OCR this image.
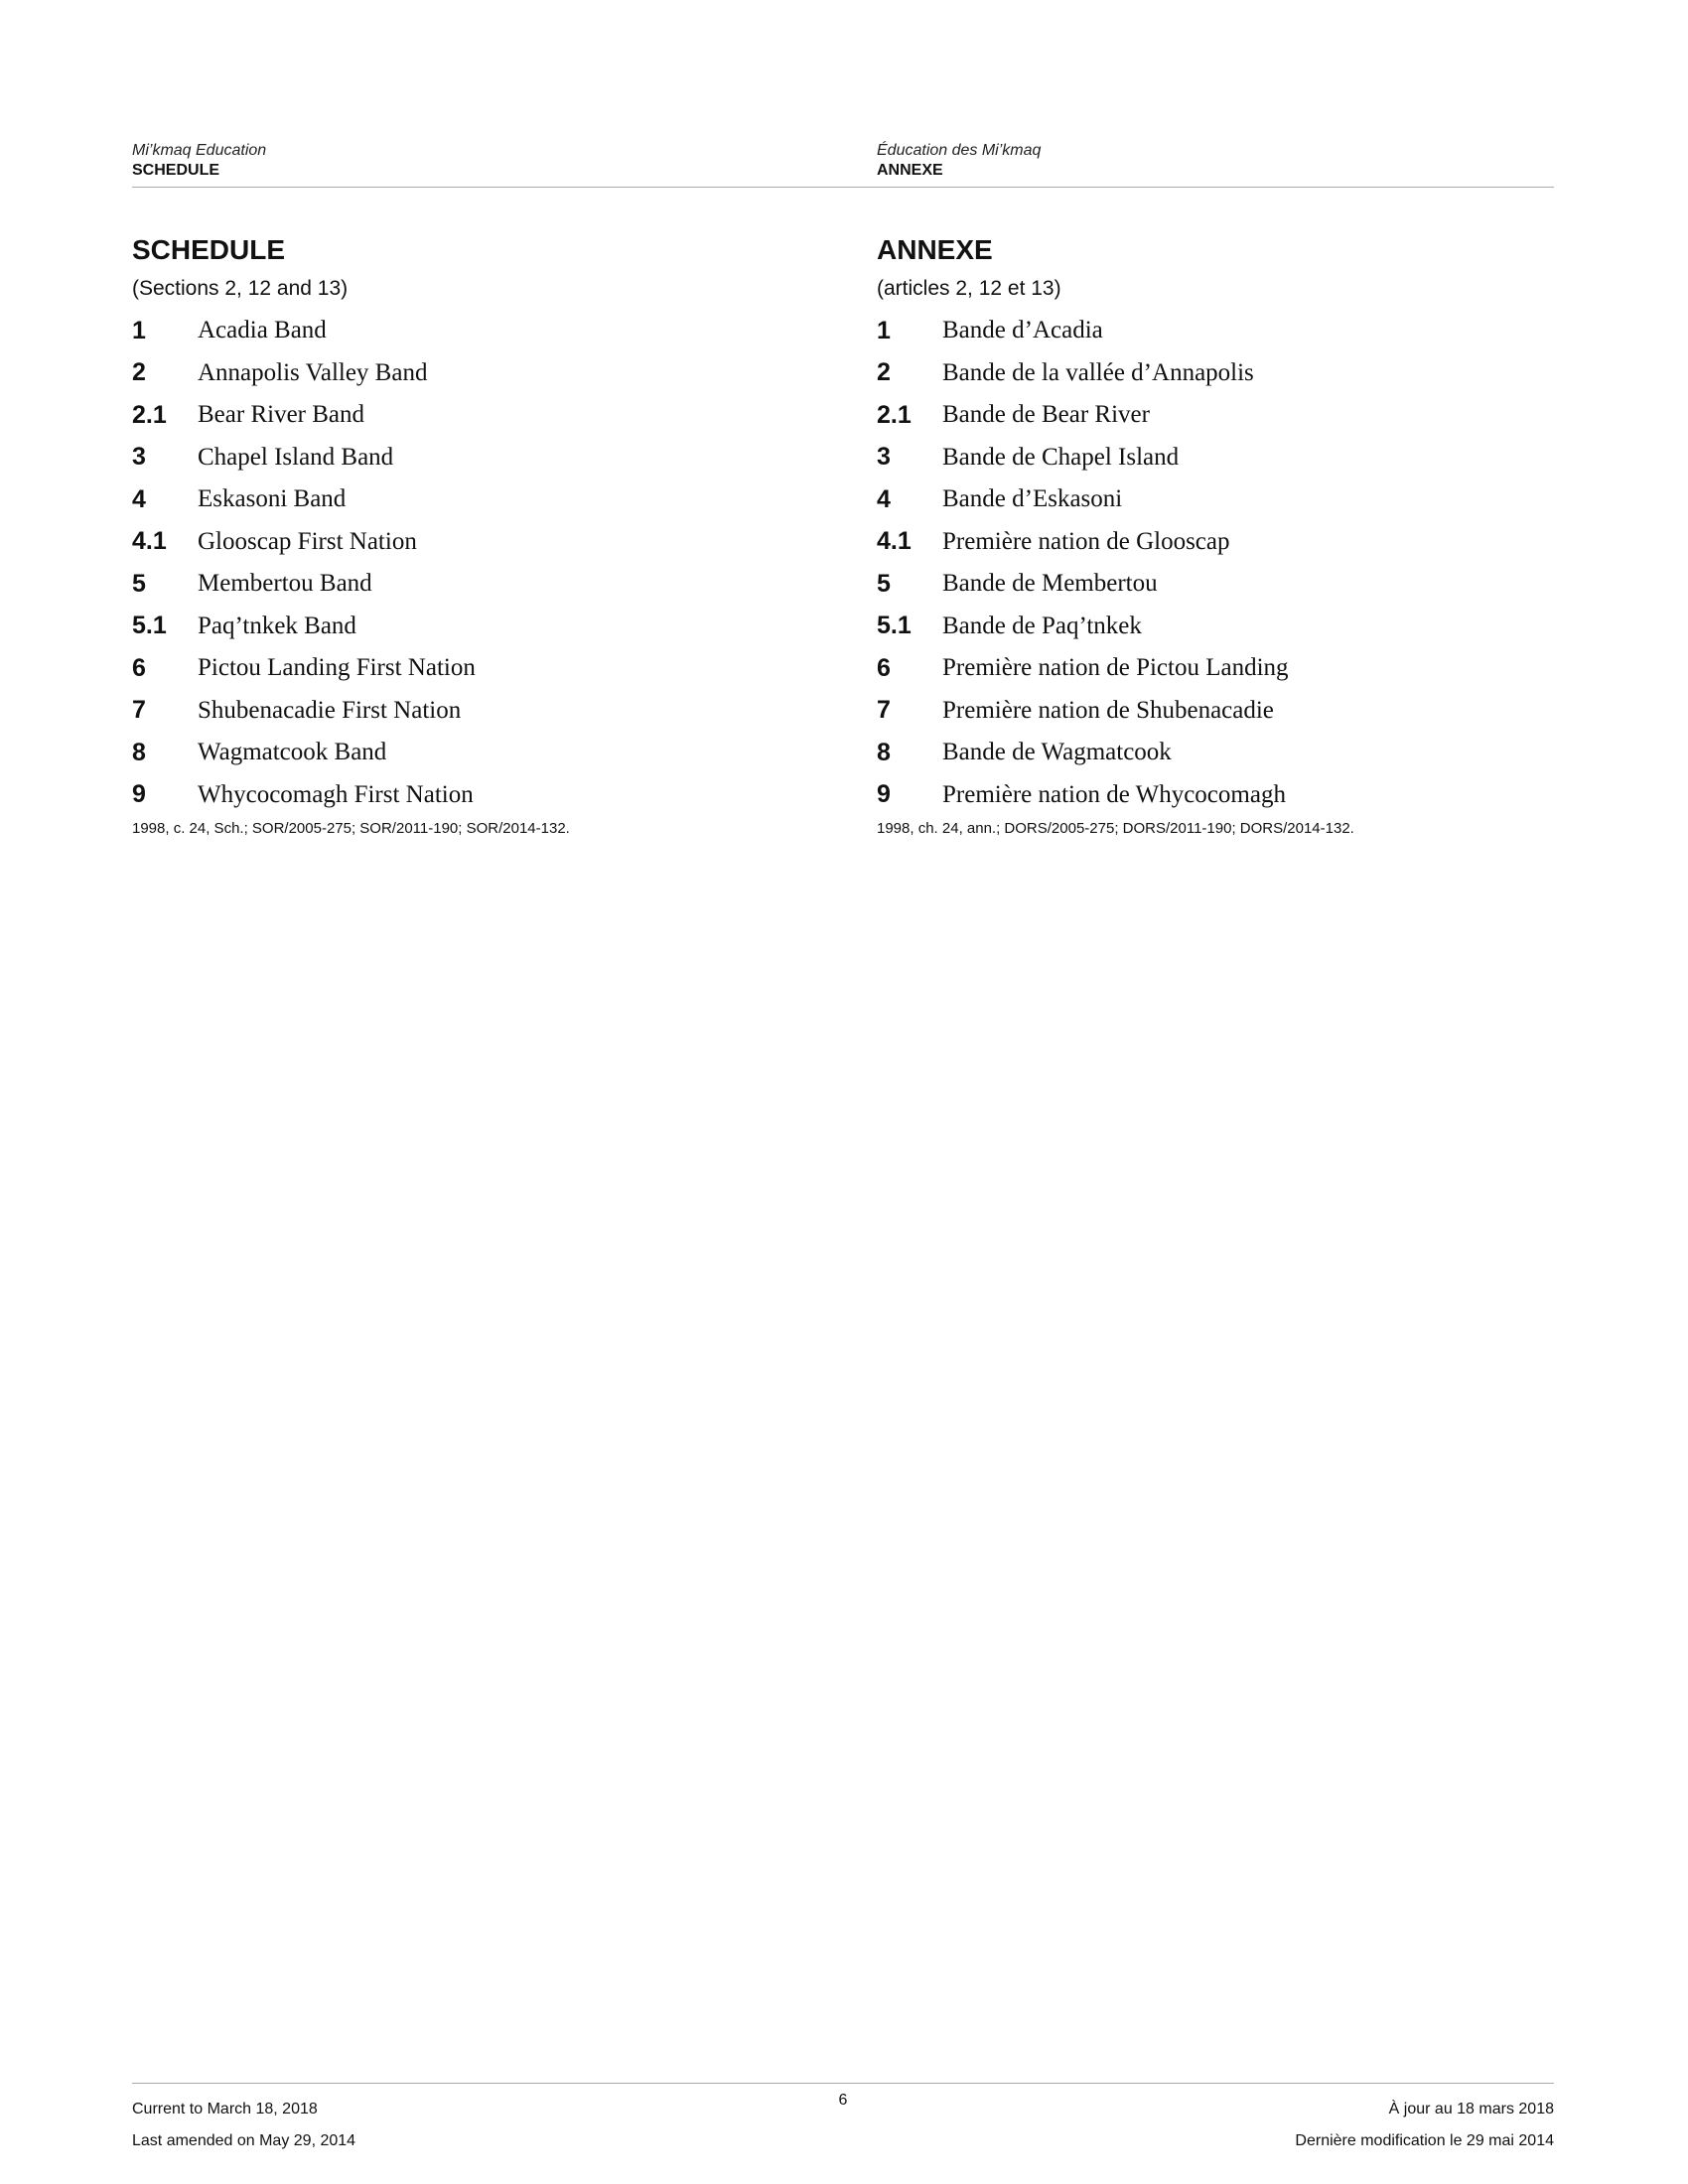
Mi’kmaq Education
SCHEDULE
Éducation des Mi’kmaq
ANNEXE
SCHEDULE
(Sections 2, 12 and 13)
1	Acadia Band
2	Annapolis Valley Band
2.1	Bear River Band
3	Chapel Island Band
4	Eskasoni Band
4.1	Glooscap First Nation
5	Membertou Band
5.1	Paq’tnkek Band
6	Pictou Landing First Nation
7	Shubenacadie First Nation
8	Wagmatcook Band
9	Whycocomagh First Nation
1998, c. 24, Sch.; SOR/2005-275; SOR/2011-190; SOR/2014-132.
ANNEXE
(articles 2, 12 et 13)
1	Bande d’Acadia
2	Bande de la vallée d’Annapolis
2.1	Bande de Bear River
3	Bande de Chapel Island
4	Bande d’Eskasoni
4.1	Première nation de Glooscap
5	Bande de Membertou
5.1	Bande de Paq’tnkek
6	Première nation de Pictou Landing
7	Première nation de Shubenacadie
8	Bande de Wagmatcook
9	Première nation de Whycocomagh
1998, ch. 24, ann.; DORS/2005-275; DORS/2011-190; DORS/2014-132.
Current to March 18, 2018
Last amended on May 29, 2014
6
À jour au 18 mars 2018
Dernière modification le 29 mai 2014
